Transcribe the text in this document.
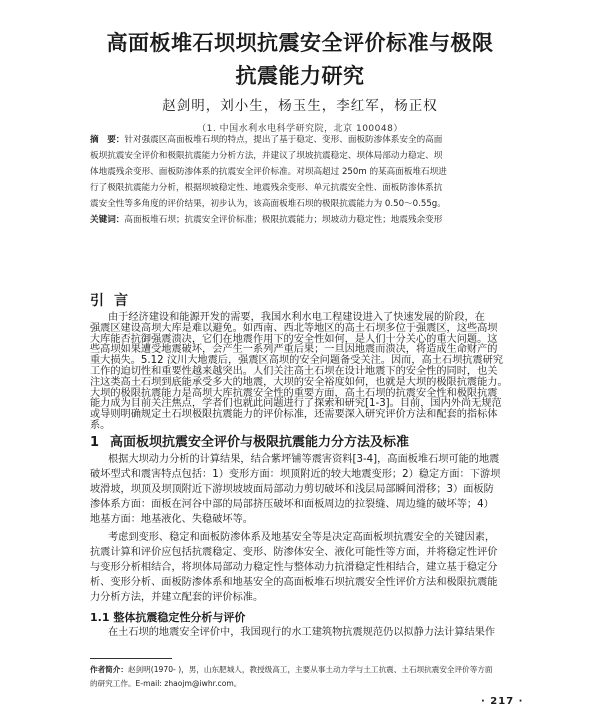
高面板堆石坝坝抗震安全评价标准与极限
抗震能力研究
赵剑明，刘小生，杨玉生，李红军，杨正权
（1. 中国水利水电科学研究院，北京 100048）
摘　要：针对强震区高面板堆石坝的特点，提出了基于稳定、变形、面板防渗体系安全的高面
板坝抗震安全评价和极限抗震能力分析方法，并建议了坝坡抗震稳定、坝体局部动力稳定、坝
体地震残余变形、面板防渗体系的抗震安全评价标准。对坝高超过 250m 的某高面板堆石坝进
行了极限抗震能力分析，根据坝坡稳定性、地震残余变形、单元抗震安全性、面板防渗体系抗
震安全性等多角度的评价结果，初步认为，该高面板堆石坝的极限抗震能力为 0.50～0.55g。
关键词：高面板堆石坝；抗震安全评价标准；极限抗震能力；坝坡动力稳定性；地震残余变形
引言
1 高面板坝抗震安全评价与极限抗震能力分方法及标准
1.1 整体抗震稳定性分析与评价
在土石坝的地震安全评价中，我国现行的水工建筑物抗震规范仍以拟静力法计算结果作
作者简介：赵剑明(1970- )，男，山东肥城人，教授级高工，主要从事土动力学与土工抗震、土石坝抗震安全评价等方面
的研究工作。E-mail: zhaojm@iwhr.com。
· 217 ·
由于经济建设和能源开发的需要，我国水利水电工程建设进入了快速发展的阶段，在
强震区建设高坝大库是难以避免。如西南、西北等地区的高土石坝多位于强震区，这些高坝
大库能否抗御强震溃决，它们在地震作用下的安全性如何，是人们十分关心的重大问题。这
些高坝如果遭受地震破坏，会产生一系列严重后果；一旦因地震而溃决，将造成生命财产的
重大损失。5.12 汶川大地震后，强震区高坝的安全问题备受关注。因而，高土石坝抗震研究
工作的迫切性和重要性越来越突出。人们关注高土石坝在设计地震下的安全性的同时，也关
注这类高土石坝到底能承受多大的地震，大坝的安全裕度如何，也就是大坝的极限抗震能力。
大坝的极限抗震能力是高坝大库抗震安全性的重要方面，高土石坝的抗震安全性和极限抗震
能力成为目前关注焦点，学者们也就此问题进行了探索和研究[1-3]。目前，国内外尚无规范
或导则明确规定土石坝极限抗震能力的评价标准，还需要深入研究评价方法和配套的指标体
系。
根据大坝动力分析的计算结果，结合紫坪铺等震害资料[3-4]，高面板堆石坝可能的地震
破坏型式和震害特点包括：1）变形方面：坝顶附近的较大地震变形；2）稳定方面：下游坝
坡滑坡，坝顶及坝顶附近下游坝坡坡面局部动力剪切破坏和浅层局部瞬间滑移；3）面板防
渗体系方面：面板在河谷中部的局部挤压破坏和面板周边的拉裂缝、周边缝的破坏等；4）
地基方面：地基液化、失稳破坏等。
考虑到变形、稳定和面板防渗体系及地基安全等是决定高面板坝抗震安全的关键因素，
抗震计算和评价应包括抗震稳定、变形、防渗体安全、液化可能性等方面，并将稳定性评价
与变形分析相结合，将坝体局部动力稳定性与整体动力抗滑稳定性相结合，建立基于稳定分
析、变形分析、面板防渗体系和地基安全的高面板堆石坝抗震安全性评价方法和极限抗震能
力分析方法，并建立配套的评价标准。
